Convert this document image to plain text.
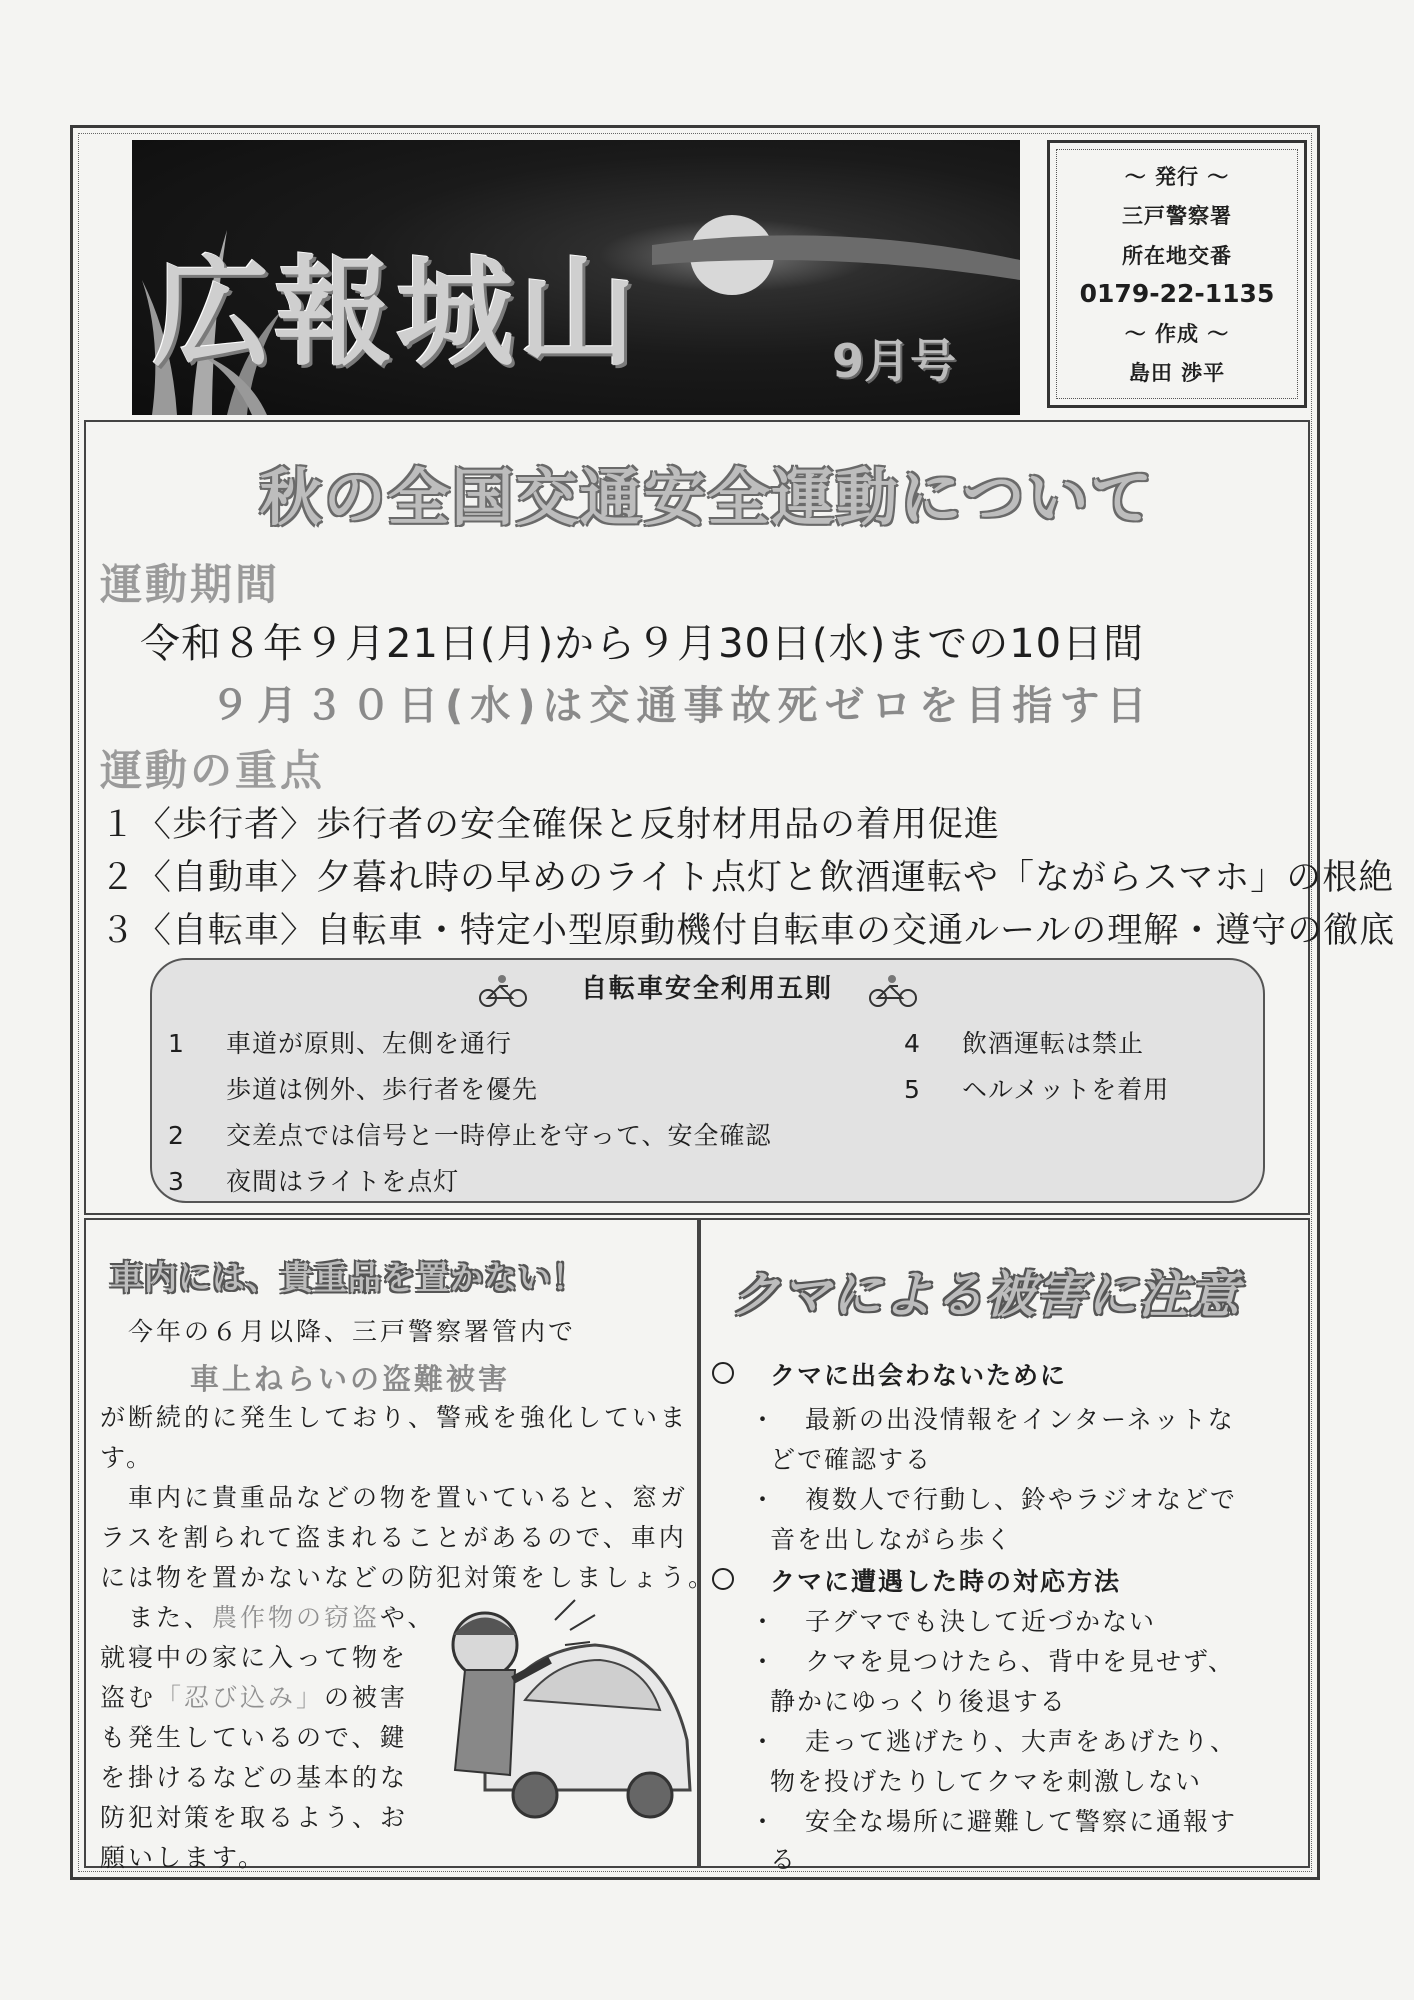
広報城山	9月号
～ 発行 ～
三戸警察署
所在地交番
0179-22-1135
～ 作成 ～
島田 渉平
秋の全国交通安全運動について
運動期間
令和８年９月21日(月)から９月30日(水)までの10日間
９月３０日(水)は交通事故死ゼロを目指す日
運動の重点
１〈歩行者〉歩行者の安全確保と反射材用品の着用促進
２〈自動車〉夕暮れ時の早めのライト点灯と飲酒運転や「ながらスマホ」の根絶
３〈自転車〉自転車・特定小型原動機付自転車の交通ルールの理解・遵守の徹底
自転車安全利用五則
1 車道が原則、左側を通行
歩道は例外、歩行者を優先
2 交差点では信号と一時停止を守って、安全確認
3 夜間はライトを点灯
4 飲酒運転は禁止
5 ヘルメットを着用
車内には、貴重品を置かない！
今年の６月以降、三戸警察署管内で
車上ねらいの盗難被害
が断続的に発生しており、警戒を強化していま
す。
車内に貴重品などの物を置いていると、窓ガ
ラスを割られて盗まれることがあるので、車内
には物を置かないなどの防犯対策をしましょう。
また、農作物の窃盗や、
就寝中の家に入って物を
盗む「忍び込み」の被害
も発生しているので、鍵
を掛けるなどの基本的な
防犯対策を取るよう、お
願いします。
クマによる被害に注意
クマに出会わないために
・ 最新の出没情報をインターネットな
どで確認する
・ 複数人で行動し、鈴やラジオなどで
音を出しながら歩く
クマに遭遇した時の対応方法
・ 子グマでも決して近づかない
・ クマを見つけたら、背中を見せず、
静かにゆっくり後退する
・ 走って逃げたり、大声をあげたり、
物を投げたりしてクマを刺激しない
・ 安全な場所に避難して警察に通報す
る
